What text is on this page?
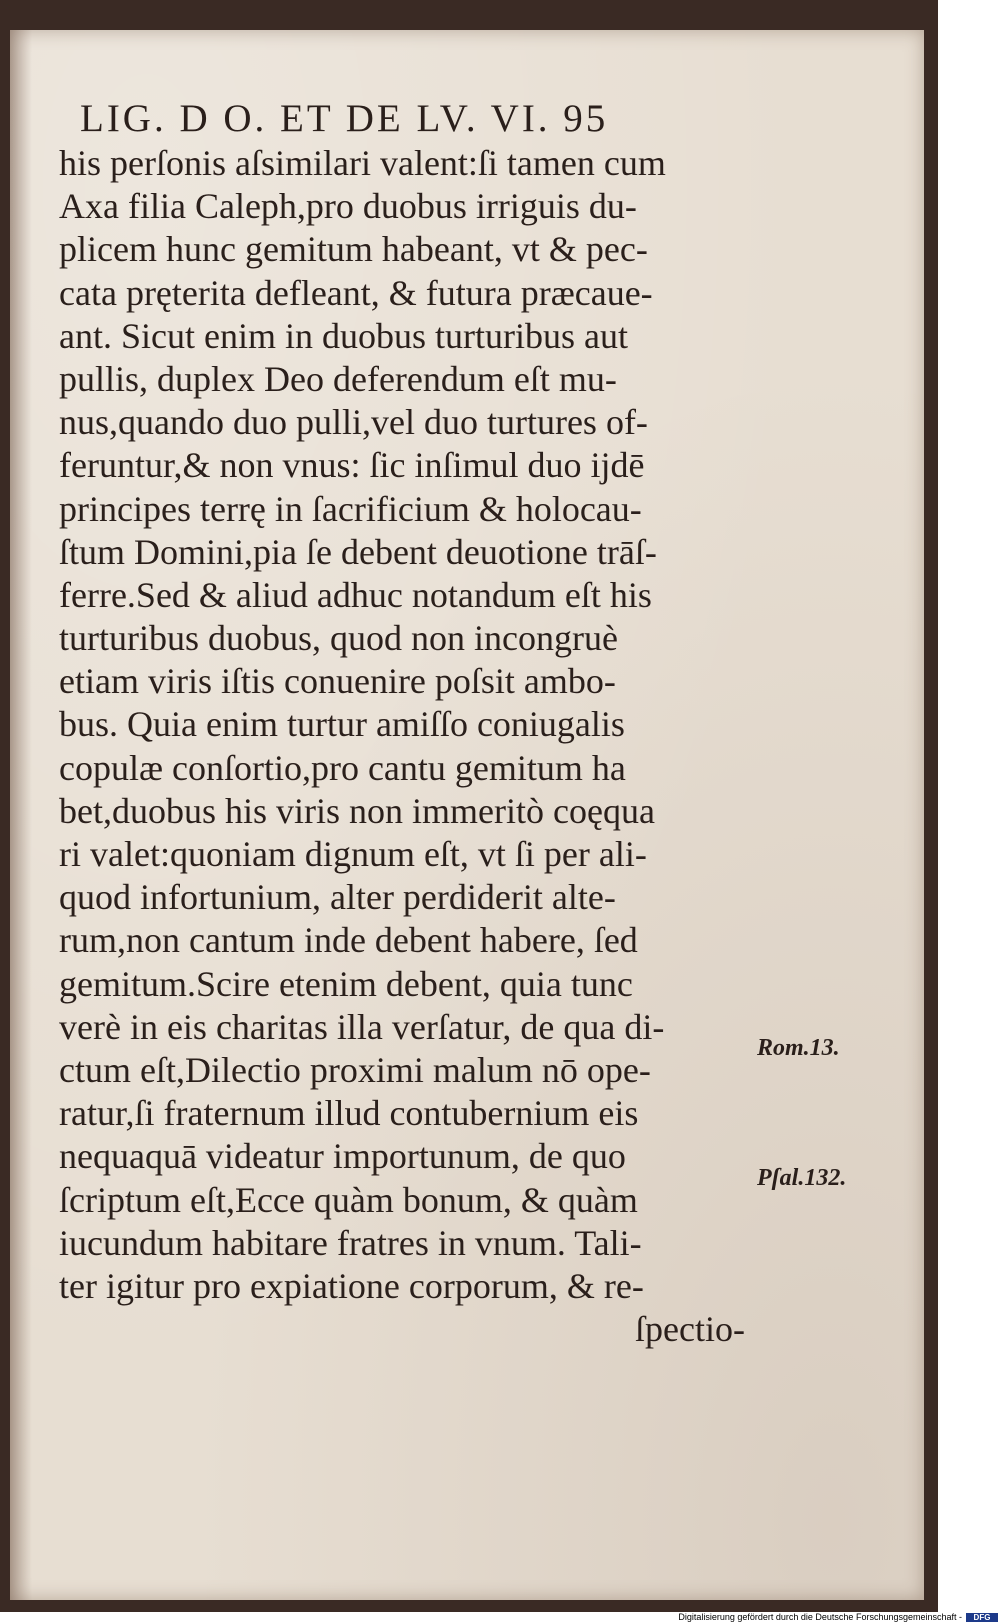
LIG. D O. ET DE LV. VI. 95
his perſonis aſsimilari valent:ſi tamen cum
Axa filia Caleph,pro duobus irriguis du-
plicem hunc gemitum habeant, vt & pec-
cata pręterita defleant, & futura præcaue-
ant. Sicut enim in duobus turturibus aut
pullis, duplex Deo deferendum eſt mu-
nus,quando duo pulli,vel duo turtures of-
feruntur,& non vnus: ſic inſimul duo ijdē
principes terrę in ſacrificium & holocau-
ſtum Domini,pia ſe debent deuotione trāſ-
ferre.Sed & aliud adhuc notandum eſt his
turturibus duobus, quod non incongruè
etiam viris iſtis conuenire poſsit ambo-
bus. Quia enim turtur amiſſo coniugalis
copulæ conſortio,pro cantu gemitum ha
bet,duobus his viris non immeritò coęqua
ri valet:quoniam dignum eſt, vt ſi per ali-
quod infortunium, alter perdiderit alte-
rum,non cantum inde debent habere, ſed
gemitum.Scire etenim debent, quia tunc
verè in eis charitas illa verſatur, de qua di-
ctum eſt,Dilectio proximi malum nō ope-
ratur,ſi fraternum illud contubernium eis
nequaquā videatur importunum, de quo
ſcriptum eſt,Ecce quàm bonum, & quàm
iucundum habitare fratres in vnum. Tali-
ter igitur pro expiatione corporum, & re-
ſpectio-
Rom.13.
Pſal.132.
Digitalisierung gefördert durch die Deutsche Forschungsgemeinschaft -	DFG
